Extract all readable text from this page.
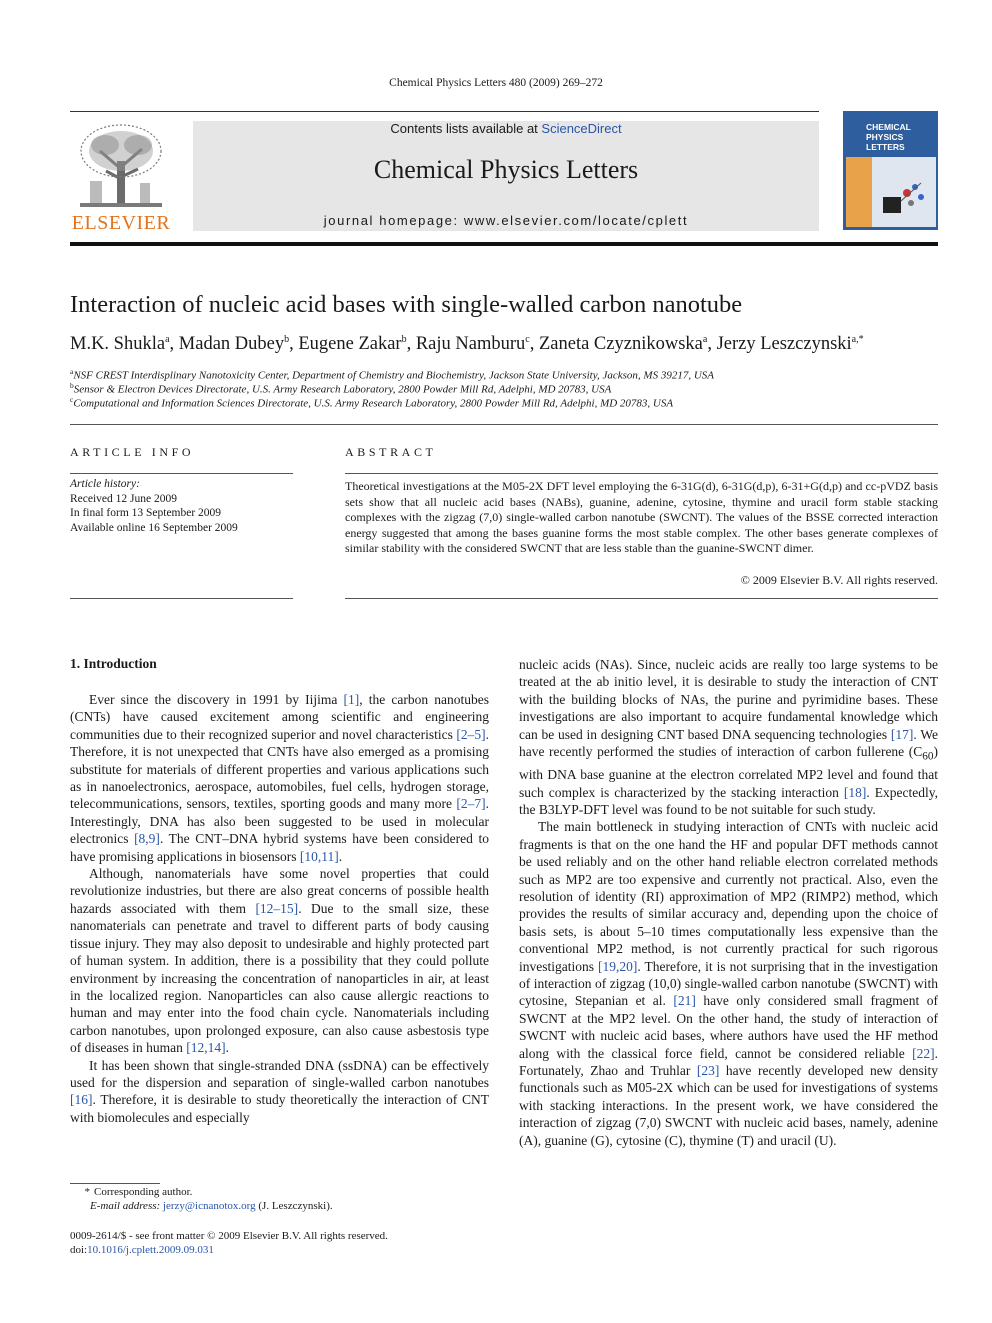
Chemical Physics Letters 480 (2009) 269–272
ELSEVIER
Contents lists available at ScienceDirect
Chemical Physics Letters
journal homepage: www.elsevier.com/locate/cplett
CHEMICAL
PHYSICS
LETTERS
Interaction of nucleic acid bases with single-walled carbon nanotube
M.K. Shukla$^a$, Madan Dubey$^b$, Eugene Zakar$^b$, Raju Namburu$^c$, Zaneta Czyznikowska$^a$, Jerzy Leszczynski$^{a,*}$
$^a$NSF CREST Interdisplinary Nanotoxicity Center, Department of Chemistry and Biochemistry, Jackson State University, Jackson, MS 39217, USA
$^b$Sensor & Electron Devices Directorate, U.S. Army Research Laboratory, 2800 Powder Mill Rd, Adelphi, MD 20783, USA
$^c$Computational and Information Sciences Directorate, U.S. Army Research Laboratory, 2800 Powder Mill Rd, Adelphi, MD 20783, USA
ARTICLE INFO	ABSTRACT
Article history:
Received 12 June 2009
In final form 13 September 2009
Available online 16 September 2009
Theoretical investigations at the M05-2X DFT level employing the 6-31G(d), 6-31G(d,p), 6-31+G(d,p) and cc-pVDZ basis sets show that all nucleic acid bases (NABs), guanine, adenine, cytosine, thymine and uracil form stable stacking complexes with the zigzag (7,0) single-walled carbon nanotube (SWCNT). The values of the BSSE corrected interaction energy suggested that among the bases guanine forms the most stable complex. The other bases generate complexes of similar stability with the considered SWCNT that are less stable than the guanine-SWCNT dimer.
© 2009 Elsevier B.V. All rights reserved.
1. Introduction

Ever since the discovery in 1991 by Iijima [1], the carbon nanotubes (CNTs) have caused excitement among scientific and engineering communities due to their recognized superior and novel characteristics [2–5]. Therefore, it is not unexpected that CNTs have also emerged as a promising substitute for materials of different properties and various applications such as in nanoelectronics, aerospace, automobiles, fuel cells, hydrogen storage, telecommunications, sensors, textiles, sporting goods and many more [2–7]. Interestingly, DNA has also been suggested to be used in molecular electronics [8,9]. The CNT–DNA hybrid systems have been considered to have promising applications in biosensors [10,11].

Although, nanomaterials have some novel properties that could revolutionize industries, but there are also great concerns of possible health hazards associated with them [12–15]. Due to the small size, these nanomaterials can penetrate and travel to different parts of body causing tissue injury. They may also deposit to undesirable and highly protected part of human system. In addition, there is a possibility that they could pollute environment by increasing the concentration of nanoparticles in air, at least in the localized region. Nanoparticles can also cause allergic reactions to human and may enter into the food chain cycle. Nanomaterials including carbon nanotubes, upon prolonged exposure, can also cause asbestosis type of diseases in human [12,14].

It has been shown that single-stranded DNA (ssDNA) can be effectively used for the dispersion and separation of single-walled carbon nanotubes [16]. Therefore, it is desirable to study theoretically the interaction of CNT with biomolecules and especially

nucleic acids (NAs). Since, nucleic acids are really too large systems to be treated at the ab initio level, it is desirable to study the interaction of CNT with the building blocks of NAs, the purine and pyrimidine bases. These investigations are also important to acquire fundamental knowledge which can be used in designing CNT based DNA sequencing technologies [17]. We have recently performed the studies of interaction of carbon fullerene $(C_{60})$ with DNA base guanine at the electron correlated MP2 level and found that such complex is characterized by the stacking interaction [18]. Expectedly, the B3LYP-DFT level was found to be not suitable for such study.

The main bottleneck in studying interaction of CNTs with nucleic acid fragments is that on the one hand the HF and popular DFT methods cannot be used reliably and on the other hand reliable electron correlated methods such as MP2 are too expensive and currently not practical. Also, even the resolution of identity (RI) approximation of MP2 (RIMP2) method, which provides the results of similar accuracy and, depending upon the choice of basis sets, is about 5–10 times computationally less expensive than the conventional MP2 method, is not currently practical for such rigorous investigations [19,20]. Therefore, it is not surprising that in the investigation of interaction of zigzag (10,0) single-walled carbon nanotube (SWCNT) with cytosine, Stepanian et al. [21] have only considered small fragment of SWCNT at the MP2 level. On the other hand, the study of interaction of SWCNT with nucleic acid bases, where authors have used the HF method along with the classical force field, cannot be considered reliable [22]. Fortunately, Zhao and Truhlar [23] have recently developed new density functionals such as M05-2X which can be used for investigations of systems with stacking interactions. In the present work, we have considered the interaction of zigzag (7,0) SWCNT with nucleic acid bases, namely, adenine (A), guanine (G), cytosine (C), thymine (T) and uracil (U).

* Corresponding author.
E-mail address: jerzy@icnanotox.org (J. Leszczynski).
0009-2614/$ - see front matter © 2009 Elsevier B.V. All rights reserved.
doi:10.1016/j.cplett.2009.09.031
